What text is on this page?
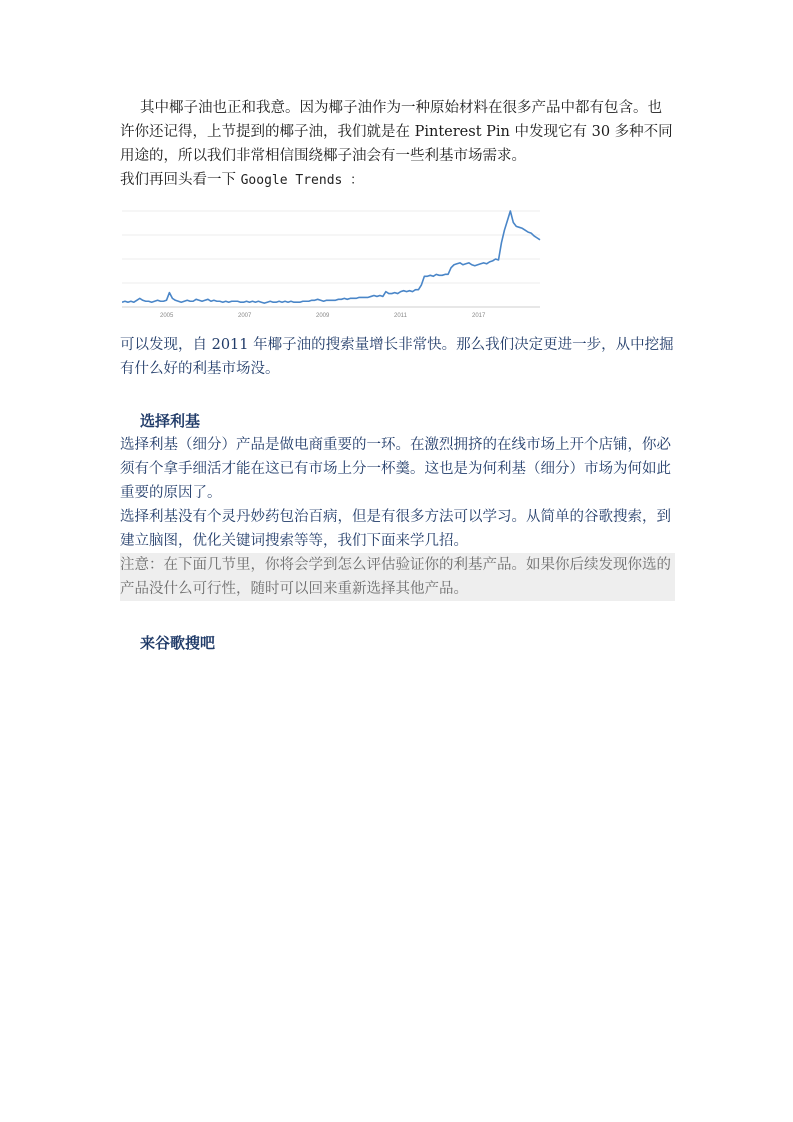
其中椰子油也正和我意。因为椰子油作为一种原始材料在很多产品中都有包含。也许你还记得，上节提到的椰子油，我们就是在 Pinterest Pin 中发现它有 30 多种不同用途的，所以我们非常相信围绕椰子油会有一些利基市场需求。

我们再回头看一下 Google Trends ：

2005	2007	2009	2011	2017

可以发现，自 2011 年椰子油的搜索量增长非常快。那么我们决定更进一步，从中挖掘有什么好的利基市场没。

选择利基

选择利基（细分）产品是做电商重要的一环。在激烈拥挤的在线市场上开个店铺，你必须有个拿手细活才能在这已有市场上分一杯羹。这也是为何利基（细分）市场为何如此重要的原因了。

选择利基没有个灵丹妙药包治百病，但是有很多方法可以学习。从简单的谷歌搜索，到建立脑图，优化关键词搜索等等，我们下面来学几招。

注意：在下面几节里，你将会学到怎么评估验证你的利基产品。如果你后续发现你选的产品没什么可行性，随时可以回来重新选择其他产品。

来谷歌搜吧
